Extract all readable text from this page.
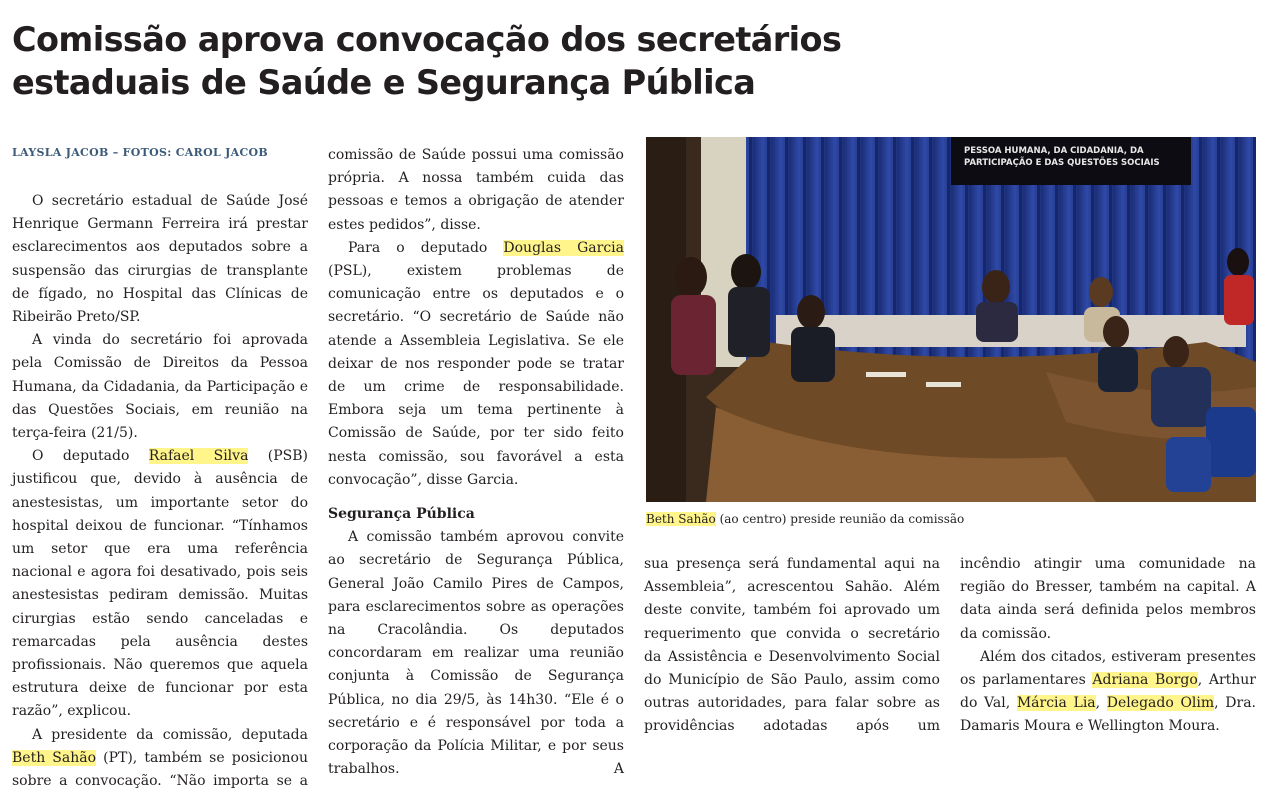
Comissão aprova convocação dos secretários
estaduais de Saúde e Segurança Pública
LAYSLA JACOB – FOTOS: CAROL JACOB

O secretário estadual de Saúde José Henrique Germann Ferreira irá prestar esclarecimentos aos deputados sobre a suspensão das cirurgias de transplante de fígado, no Hospital das Clínicas de Ribeirão Preto/SP.

A vinda do secretário foi aprovada pela Comissão de Direitos da Pessoa Humana, da Cidadania, da Participação e das Questões Sociais, em reunião na terça-feira (21/5).

O deputado Rafael Silva (PSB) justificou que, devido à ausência de anestesistas, um importante setor do hospital deixou de funcionar. “Tínhamos um setor que era uma referência nacional e agora foi desativado, pois seis anestesistas pediram demissão. Muitas cirurgias estão sendo canceladas e remarcadas pela ausência destes profissionais. Não queremos que aquela estrutura deixe de funcionar por esta razão”, explicou.

A presidente da comissão, deputada Beth Sahão (PT), também se posicionou sobre a convocação. “Não importa se a

comissão de Saúde possui uma comissão própria. A nossa também cuida das pessoas e temos a obrigação de atender estes pedidos”, disse.

Para o deputado Douglas Garcia (PSL), existem problemas de comunicação entre os deputados e o secretário. “O secretário de Saúde não atende a Assembleia Legislativa. Se ele deixar de nos responder pode se tratar de um crime de responsabilidade. Embora seja um tema pertinente à Comissão de Saúde, por ter sido feito nesta comissão, sou favorável a esta convocação”, disse Garcia.

Segurança Pública

A comissão também aprovou convite ao secretário de Segurança Pública, General João Camilo Pires de Campos, para esclarecimentos sobre as operações na Cracolândia. Os deputados concordaram em realizar uma reunião conjunta à Comissão de Segurança Pública, no dia 29/5, às 14h30. “Ele é o secretário e é responsável por toda a corporação da Polícia Militar, e por seus trabalhos. A

PESSOA HUMANA, DA CIDADANIA, DA
PARTICIPAÇÃO E DAS QUESTÕES SOCIAIS
Beth Sahão (ao centro) preside reunião da comissão

sua presença será fundamental aqui na Assembleia”, acrescentou Sahão. Além deste convite, também foi aprovado um requerimento que convida o secretário da Assistência e Desenvolvimento Social do Município de São Paulo, assim como outras autoridades, para falar sobre as providências adotadas após um

incêndio atingir uma comunidade na região do Bresser, também na capital. A data ainda será definida pelos membros da comissão.

Além dos citados, estiveram presentes os parlamentares Adriana Borgo, Arthur do Val, Márcia Lia, Delegado Olim, Dra. Damaris Moura e Wellington Moura.
